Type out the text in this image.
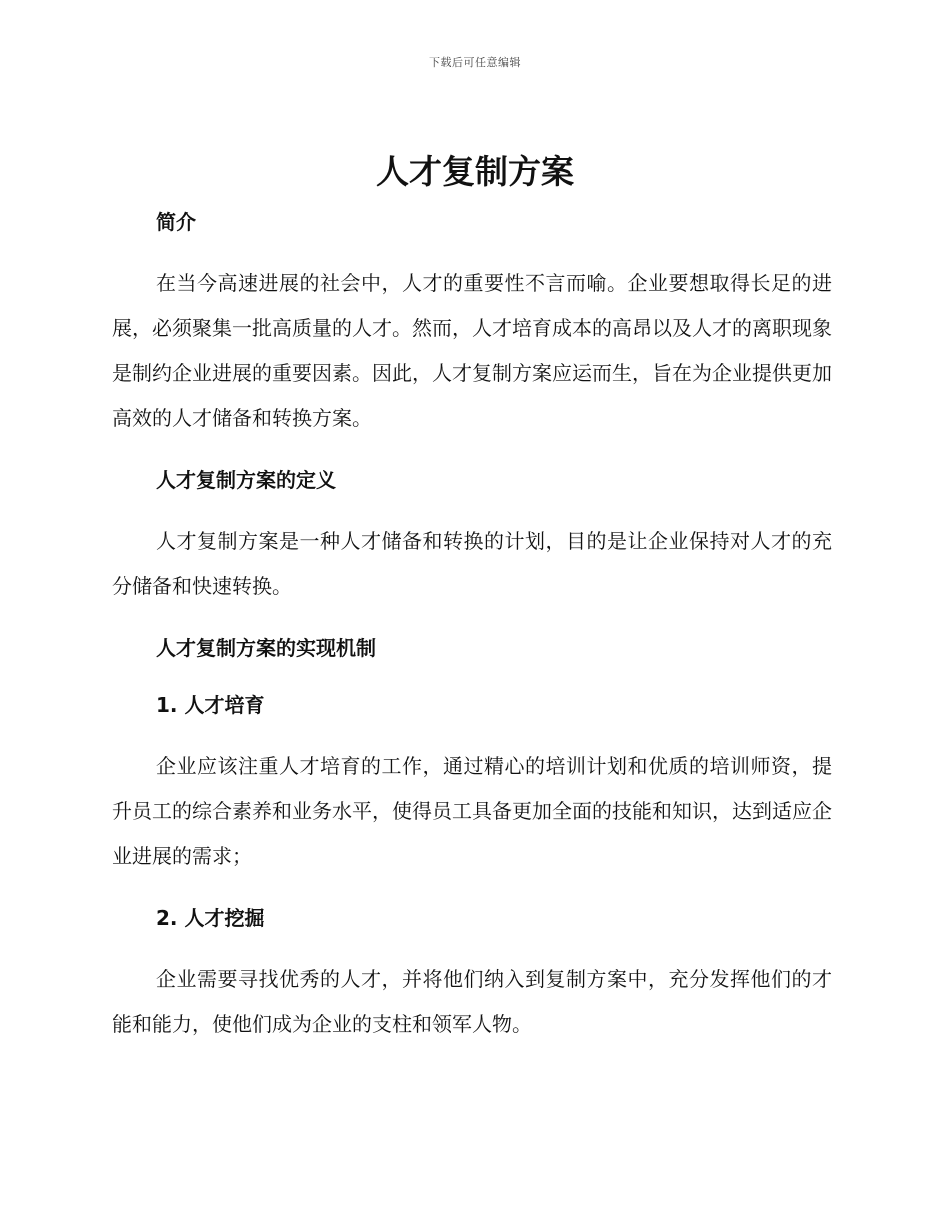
下载后可任意编辑
人才复制方案
简介

在当今高速进展的社会中，人才的重要性不言而喻。企业要想取得长足的进展，必须聚集一批高质量的人才。然而，人才培育成本的高昂以及人才的离职现象是制约企业进展的重要因素。因此，人才复制方案应运而生，旨在为企业提供更加高效的人才储备和转换方案。

人才复制方案的定义

人才复制方案是一种人才储备和转换的计划，目的是让企业保持对人才的充分储备和快速转换。

人才复制方案的实现机制
1. 人才培育

企业应该注重人才培育的工作，通过精心的培训计划和优质的培训师资，提升员工的综合素养和业务水平，使得员工具备更加全面的技能和知识，达到适应企业进展的需求；

2. 人才挖掘

企业需要寻找优秀的人才，并将他们纳入到复制方案中，充分发挥他们的才能和能力，使他们成为企业的支柱和领军人物。
